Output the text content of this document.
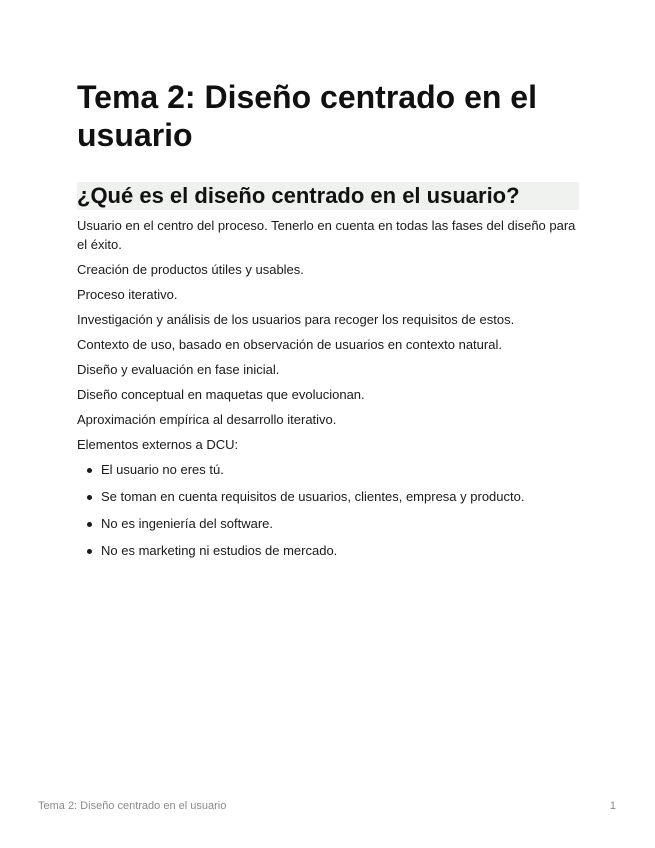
Tema 2: Diseño centrado en el usuario
¿Qué es el diseño centrado en el usuario?

Usuario en el centro del proceso. Tenerlo en cuenta en todas las fases del diseño para el éxito.

Creación de productos útiles y usables.

Proceso iterativo.

Investigación y análisis de los usuarios para recoger los requisitos de estos.

Contexto de uso, basado en observación de usuarios en contexto natural.

Diseño y evaluación en fase inicial.

Diseño conceptual en maquetas que evolucionan.

Aproximación empírica al desarrollo iterativo.

Elementos externos a DCU:

El usuario no eres tú.
Se toman en cuenta requisitos de usuarios, clientes, empresa y producto.
No es ingeniería del software.
No es marketing ni estudios de mercado.
Tema 2: Diseño centrado en el usuario	1
